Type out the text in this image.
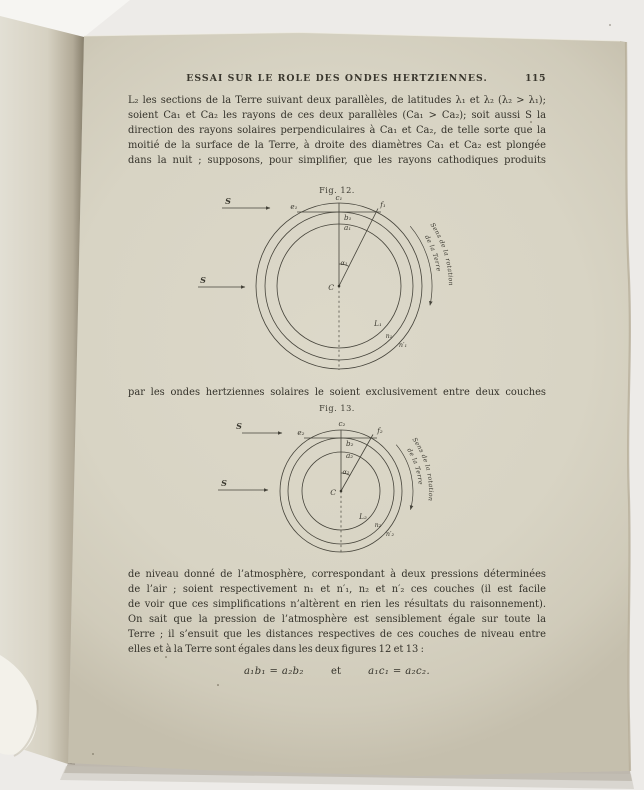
ESSAI SUR LE ROLE DES ONDES HERTZIENNES.	115
L₂ les sections de la Terre suivant deux parallèles, de latitudes λ₁ et λ₂ (λ₂ > λ₁);
soient Ca₁ et Ca₂ les rayons de ces deux parallèles (Ca₁ > Ca₂); soit aussi S la
direction des rayons solaires perpendiculaires à Ca₁ et Ca₂, de telle sorte que la
moitié de la surface de la Terre, à droite des diamètres Ca₁ et Ca₂ est plongée
dans la nuit ; supposons, pour simplifier, que les rayons cathodiques produits
Fig. 12.
S
S
c₁
e₁	f₁
b₁
a₁
α₁
C
L₁
n₁
n′₁
Sens de la rotation
de la Terre
par les ondes hertziennes solaires le soient exclusivement entre deux couches
Fig. 13.
S
S
c₂
e₂	f₂
b₂
a₂
α₂
C
L₂
n₂
n′₂
Sens de la rotation
de la Terre
de niveau donné de l’atmosphère, correspondant à deux pressions déterminées
de l’air ; soient respectivement n₁ et n′₁, n₂ et n′₂ ces couches (il est facile
de voir que ces simplifications n’altèrent en rien les résultats du raisonnement).
On sait que la pression de l’atmosphère est sensiblement égale sur toute la
Terre ; il s’ensuit que les distances respectives de ces couches de niveau entre
elles et à la Terre sont égales dans les deux figures 12 et 13 :
a₁b₁ = a₂b₂	et	a₁c₁ = a₂c₂.
